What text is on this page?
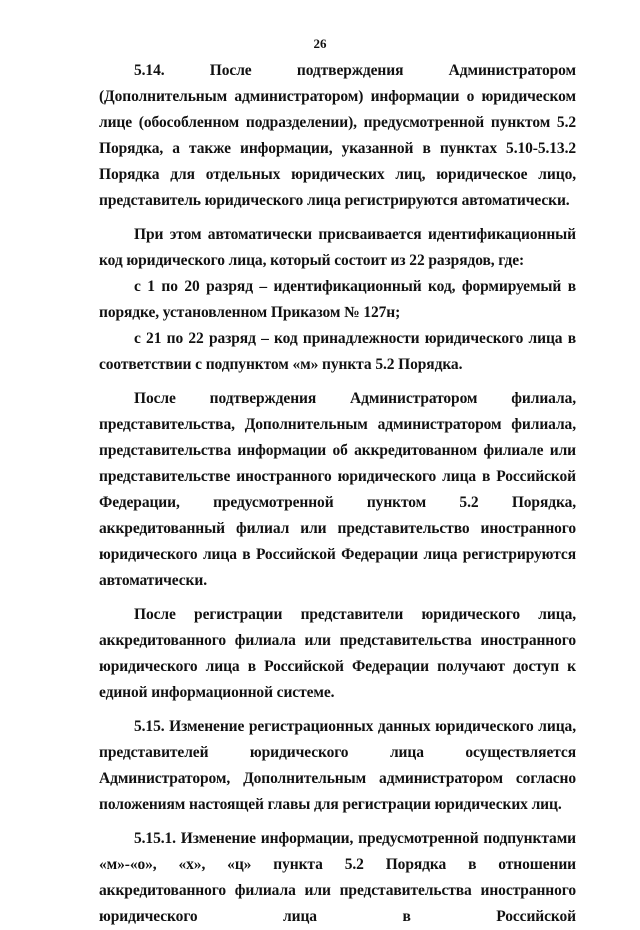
26

5.14. После подтверждения Администратором (Дополнительным администратором) информации о юридическом лице (обособленном подразделении), предусмотренной пунктом 5.2 Порядка, а также информации, указанной в пунктах 5.10-5.13.2 Порядка для отдельных юридических лиц, юридическое лицо, представитель юридического лица регистрируются автоматически.

При этом автоматически присваивается идентификационный код юридического лица, который состоит из 22 разрядов, где:

с 1 по 20 разряд – идентификационный код, формируемый в порядке, установленном Приказом № 127н;

с 21 по 22 разряд – код принадлежности юридического лица в соответствии с подпунктом «м» пункта 5.2 Порядка.

После подтверждения Администратором филиала, представительства, Дополнительным администратором филиала, представительства информации об аккредитованном филиале или представительстве иностранного юридического лица в Российской Федерации, предусмотренной пунктом 5.2 Порядка, аккредитованный филиал или представительство иностранного юридического лица в Российской Федерации лица регистрируются автоматически.

После регистрации представители юридического лица, аккредитованного филиала или представительства иностранного юридического лица в Российской Федерации получают доступ к единой информационной системе.

5.15. Изменение регистрационных данных юридического лица, представителей юридического лица осуществляется Администратором, Дополнительным администратором согласно положениям настоящей главы для регистрации юридических лиц.

5.15.1. Изменение информации, предусмотренной подпунктами «м»-«о», «х», «ц» пункта 5.2 Порядка в отношении аккредитованного филиала или представительства иностранного юридического лица в Российской
